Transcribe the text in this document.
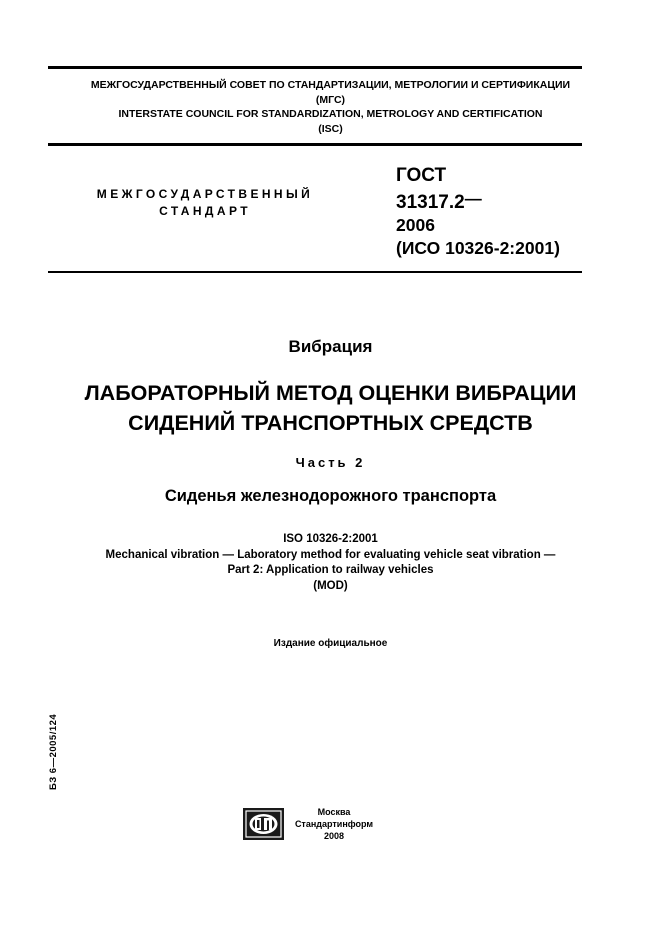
МЕЖГОСУДАРСТВЕННЫЙ СОВЕТ ПО СТАНДАРТИЗАЦИИ, МЕТРОЛОГИИ И СЕРТИФИКАЦИИ
(МГС)
INTERSTATE COUNCIL FOR STANDARDIZATION, METROLOGY AND CERTIFICATION
(ISC)
МЕЖГОСУДАРСТВЕННЫЙ
СТАНДАРТ
ГОСТ
31317.2—
2006
(ИСО 10326-2:2001)
Вибрация
ЛАБОРАТОРНЫЙ МЕТОД ОЦЕНКИ ВИБРАЦИИ
СИДЕНИЙ ТРАНСПОРТНЫХ СРЕДСТВ
Часть 2
Сиденья железнодорожного транспорта
ISO 10326-2:2001
Mechanical vibration — Laboratory method for evaluating vehicle seat vibration —
Part 2: Application to railway vehicles
(MOD)
Издание официальное
БЗ 6—2005/124
Москва
Стандартинформ
2008
